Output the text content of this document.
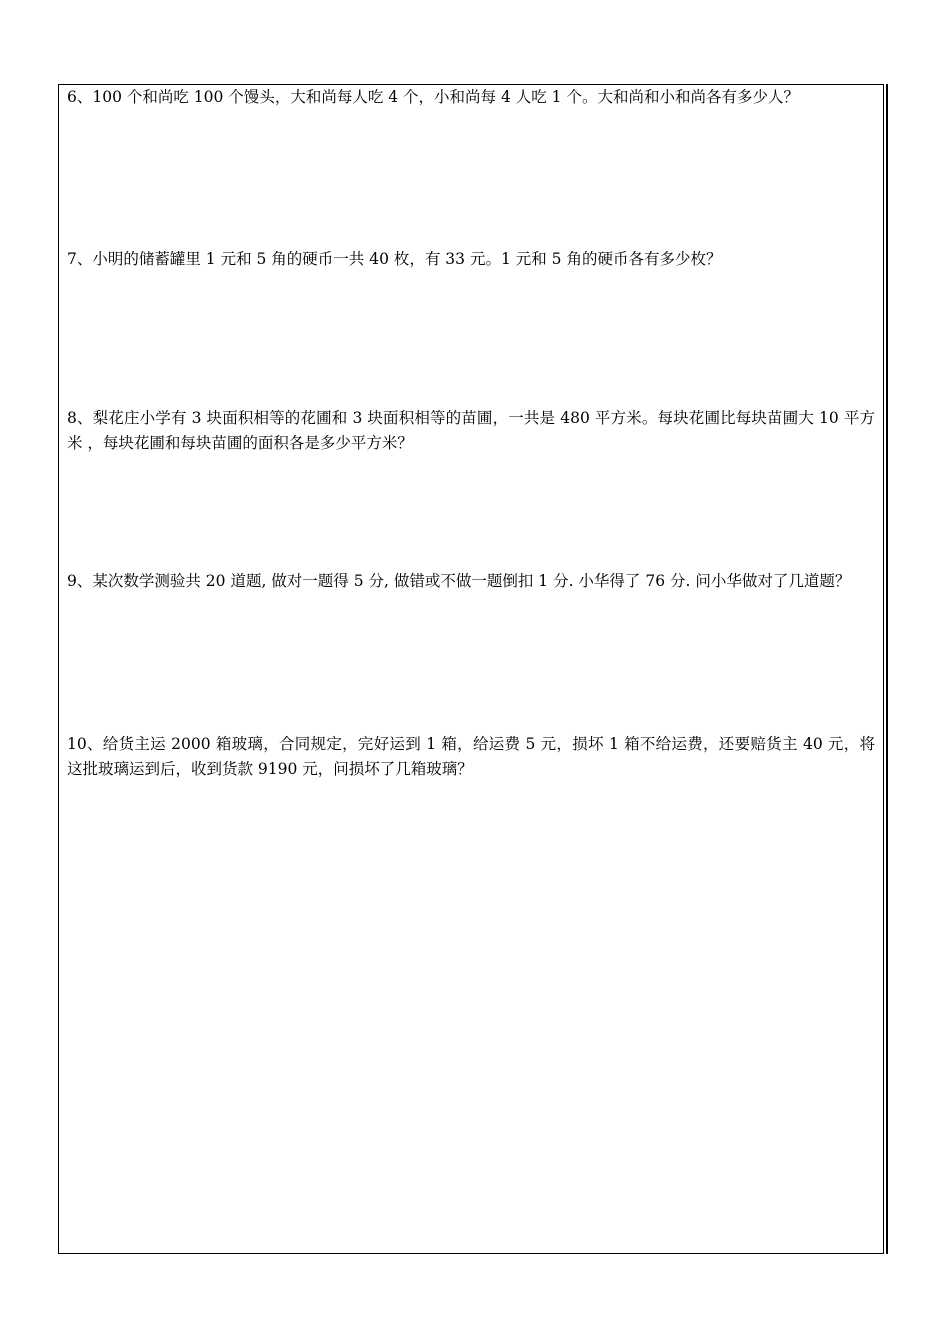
6、100 个和尚吃 100 个馒头，大和尚每人吃 4 个，小和尚每 4 人吃 1 个。大和尚和小和尚各有多少人？

7、小明的储蓄罐里 1 元和 5 角的硬币一共 40 枚，有 33 元。1 元和 5 角的硬币各有多少枚？

8、梨花庄小学有 3 块面积相等的花圃和 3 块面积相等的苗圃，一共是 480 平方米。每块花圃比每块苗圃大 10 平方米 ，每块花圃和每块苗圃的面积各是多少平方米？

9、某次数学测验共 20 道题, 做对一题得 5 分, 做错或不做一题倒扣 1 分. 小华得了 76 分. 问小华做对了几道题？

10、给货主运 2000 箱玻璃，合同规定，完好运到 1 箱，给运费 5 元，损坏 1 箱不给运费，还要赔货主 40 元，将这批玻璃运到后，收到货款 9190 元，问损坏了几箱玻璃？
